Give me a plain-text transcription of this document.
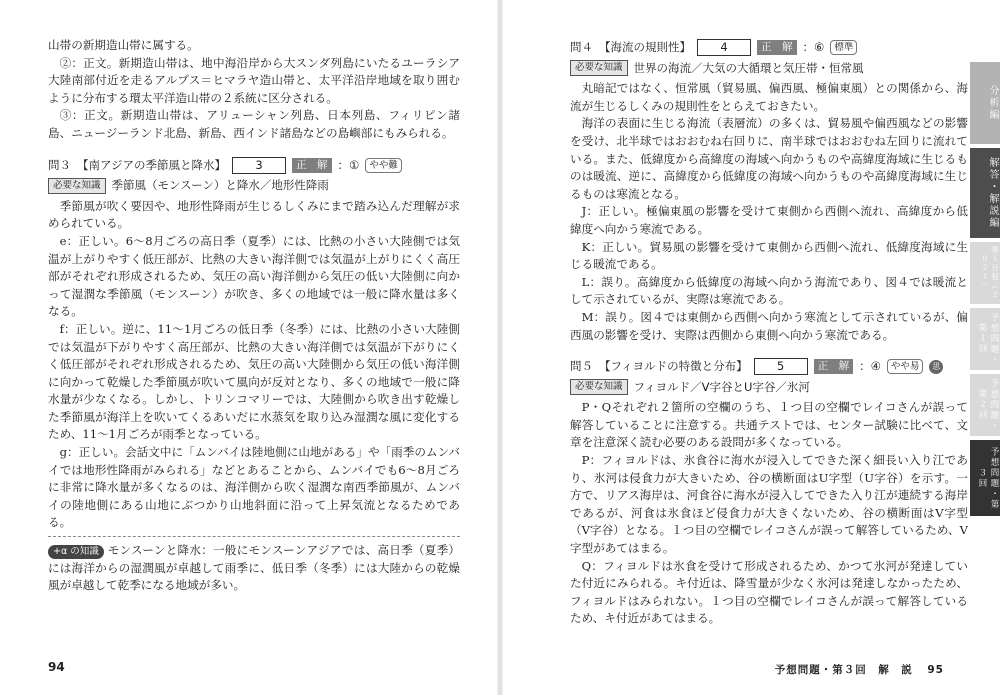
山帯の新期造山帯に属する。

②：正文。新期造山帯は、地中海沿岸から大スンダ列島にいたるユーラシア大陸南部付近を走るアルプス＝ヒマラヤ造山帯と、太平洋沿岸地域を取り囲むように分布する環太平洋造山帯の２系統に区分される。

③：正文。新期造山帯は、アリューシャン列島、日本列島、フィリピン諸島、ニュージーランド北島、新島、西インド諸島などの島嶼部にもみられる。

問３ 【南アジアの季節風と降水】	3	正　解 ：①	やや難
必要な知識 季節風（モンスーン）と降水／地形性降雨

季節風が吹く要因や、地形性降雨が生じるしくみにまで踏み込んだ理解が求められている。

e：正しい。6〜8月ごろの高日季（夏季）には、比熱の小さい大陸側では気温が上がりやすく低圧部が、比熱の大きい海洋側では気温が上がりにくく高圧部がそれぞれ形成されるため、気圧の高い海洋側から気圧の低い大陸側に向かって湿潤な季節風（モンスーン）が吹き、多くの地域では一般に降水量は多くなる。

f：正しい。逆に、11〜1月ごろの低日季（冬季）には、比熱の小さい大陸側では気温が下がりやすく高圧部が、比熱の大きい海洋側では気温が下がりにくく低圧部がそれぞれ形成されるため、気圧の高い大陸側から気圧の低い海洋側に向かって乾燥した季節風が吹いて風向が反対となり、多くの地域で一般に降水量が少なくなる。しかし、トリンコマリーでは、大陸側から吹き出す乾燥した季節風が海洋上を吹いてくるあいだに水蒸気を取り込み湿潤な風に変化するため、11〜1月ごろが雨季となっている。

g：正しい。会話文中に「ムンバイは陸地側に山地がある」や「雨季のムンバイでは地形性降雨がみられる」などとあることから、ムンバイでも6〜8月ごろに非常に降水量が多くなるのは、海洋側から吹く湿潤な南西季節風が、ムンバイの陸地側にある山地にぶつかり山地斜面に沿って上昇気流となるためである。

+α の知識 モンスーンと降水：一般にモンスーンアジアでは、高日季（夏季）には海洋からの湿潤風が卓越して雨季に、低日季（冬季）には大陸からの乾燥風が卓越して乾季になる地域が多い。

94
問４ 【海流の規則性】	4	正　解 ：⑥	標準
必要な知識 世界の海流／大気の大循環と気圧帯・恒常風

丸暗記ではなく、恒常風（貿易風、偏西風、極偏東風）との関係から、海流が生じるしくみの規則性をとらえておきたい。

海洋の表面に生じる海流（表層流）の多くは、貿易風や偏西風などの影響を受け、北半球ではおおむね右回りに、南半球ではおおむね左回りに流れている。また、低緯度から高緯度の海域へ向かうものや高緯度海域に生じるものは暖流、逆に、高緯度から低緯度の海域へ向かうものや高緯度海域に生じるものは寒流となる。

J：正しい。極偏東風の影響を受けて東側から西側へ流れ、高緯度から低緯度へ向かう寒流である。

K：正しい。貿易風の影響を受けて東側から西側へ流れ、低緯度海域に生じる暖流である。

L：誤り。高緯度から低緯度の海域へ向かう海流であり、図４では暖流として示されているが、実際は寒流である。

M：誤り。図４では東側から西側へ向かう寒流として示されているが、偏西風の影響を受け、実際は西側から東側へ向かう寒流である。

問５ 【フィヨルドの特徴と分布】	5	正　解 ：④	やや易	思
必要な知識 フィヨルド／V字谷とU字谷／氷河

P・Qそれぞれ２箇所の空欄のうち、１つ目の空欄でレイコさんが誤って解答していることに注意する。共通テストでは、センター試験に比べて、文章を注意深く読む必要のある設問が多くなっている。

P：フィヨルドは、氷食谷に海水が浸入してできた深く細長い入り江であり、氷河は侵食力が大きいため、谷の横断面はU字型（U字谷）を示す。一方で、リアス海岸は、河食谷に海水が浸入してできた入り江が連続する海岸であるが、河食は氷食ほど侵食力が大きくないため、谷の横断面はV字型（V字谷）となる。１つ目の空欄でレイコさんが誤って解答しているため、V字型があてはまる。

Q：フィヨルドは氷食を受けて形成されるため、かつて氷河が発達していた付近にみられる。キ付近は、降雪量が少なく氷河は発達しなかったため、フィヨルドはみられない。１つ目の空欄でレイコさんが誤って解答しているため、キ付近があてはまる。

予想問題・第３回　解　説 95
分析編
解答・解説編
第１日程（２０２１）
予想問題・第１回
予想問題・第２回
予想問題・第３回
